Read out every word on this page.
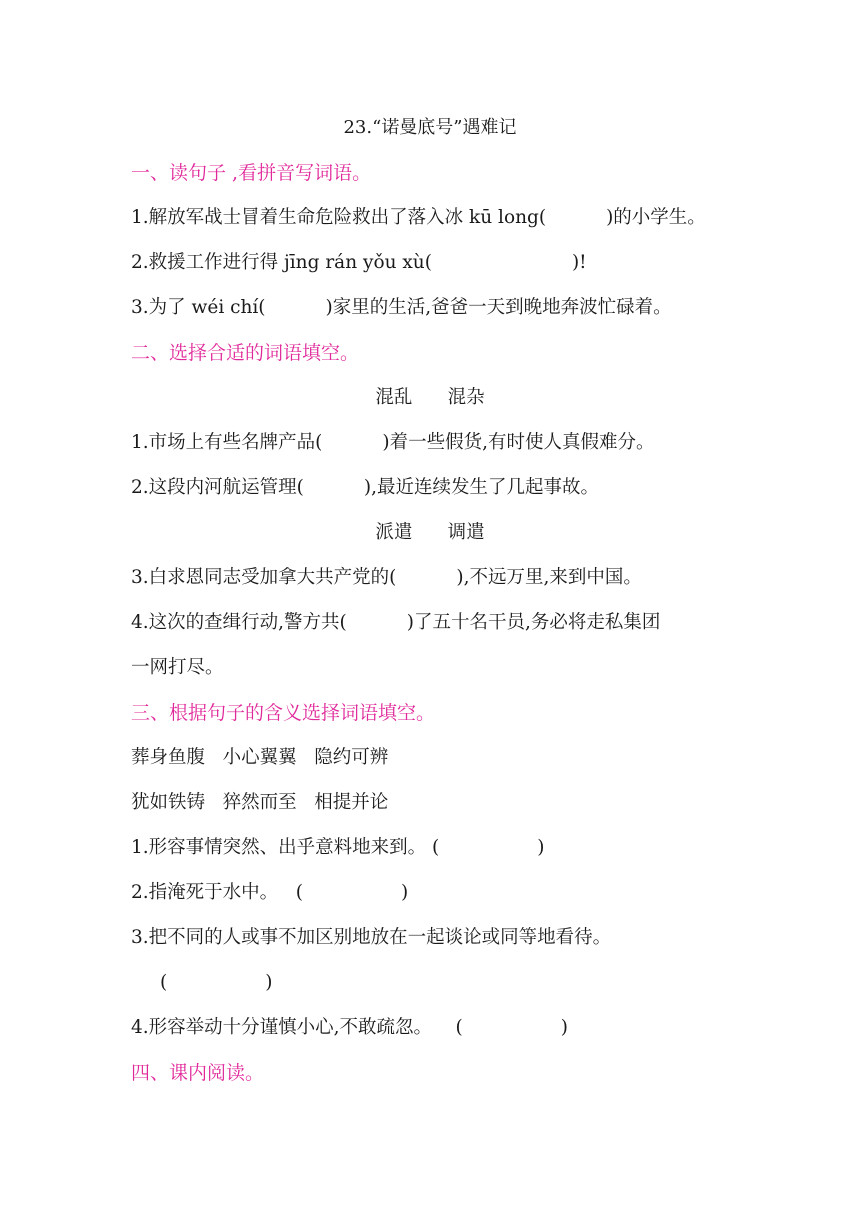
23.“诺曼底号”遇难记
一、读句子 ,看拼音写词语。
1.解放军战士冒着生命危险救出了落入冰 kū long(	)的小学生。
2.救援工作进行得 jīng rán yǒu xù(	)!
3.为了 wéi chí(	)家里的生活,爸爸一天到晚地奔波忙碌着。
二、选择合适的词语填空。
混乱      混杂
1.市场上有些名牌产品(	)着一些假货,有时使人真假难分。
2.这段内河航运管理(	),最近连续发生了几起事故。
派遣      调遣
3.白求恩同志受加拿大共产党的(	),不远万里,来到中国。
4.这次的查缉行动,警方共(	)了五十名干员,务必将走私集团
一网打尽。
三、根据句子的含义选择词语填空。
葬身鱼腹   小心翼翼   隐约可辨
犹如铁铸   猝然而至   相提并论
1.形容事情突然、出乎意料地来到。 (	)
2.指淹死于水中。   (	)
3.把不同的人或事不加区别地放在一起谈论或同等地看待。
(	)
4.形容举动十分谨慎小心,不敢疏忽。    (	)
四、课内阅读。
